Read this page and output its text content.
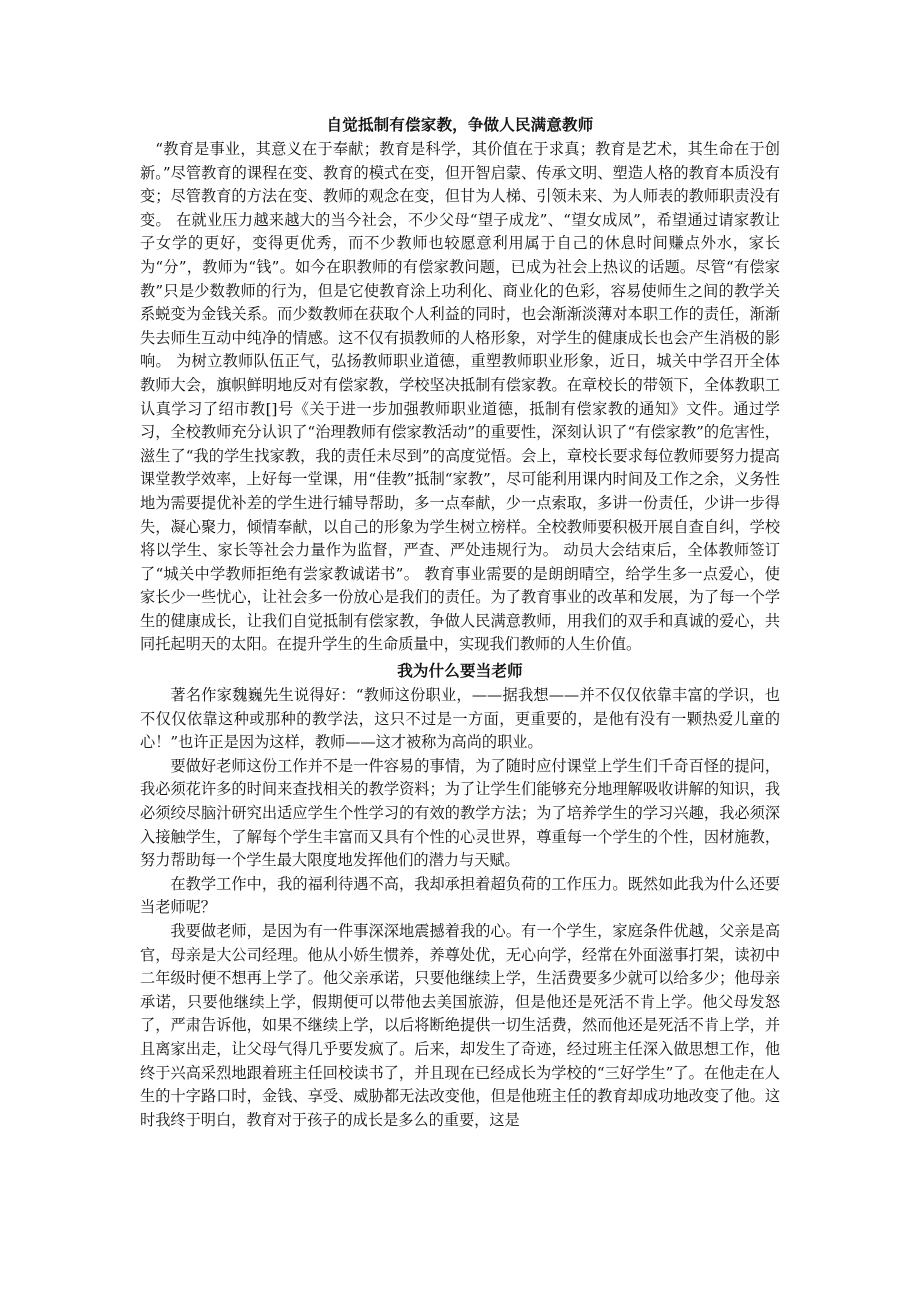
自觉抵制有偿家教，争做人民满意教师

“教育是事业，其意义在于奉献；教育是科学，其价值在于求真；教育是艺术，其生命在于创新。”尽管教育的课程在变、教育的模式在变，但开智启蒙、传承文明、塑造人格的教育本质没有变；尽管教育的方法在变、教师的观念在变，但甘为人梯、引领未来、为人师表的教师职责没有变。 在就业压力越来越大的当今社会，不少父母“望子成龙”、“望女成凤”，希望通过请家教让子女学的更好，变得更优秀，而不少教师也较愿意利用属于自己的休息时间赚点外水，家长为“分”，教师为“钱”。如今在职教师的有偿家教问题，已成为社会上热议的话题。尽管“有偿家教”只是少数教师的行为，但是它使教育涂上功利化、商业化的色彩，容易使师生之间的教学关系蜕变为金钱关系。而少数教师在获取个人利益的同时，也会渐渐淡薄对本职工作的责任，渐渐失去师生互动中纯净的情感。这不仅有损教师的人格形象，对学生的健康成长也会产生消极的影响。 为树立教师队伍正气，弘扬教师职业道德，重塑教师职业形象，近日，城关中学召开全体教师大会，旗帜鲜明地反对有偿家教，学校坚决抵制有偿家教。在章校长的带领下，全体教职工认真学习了绍市教[]号《关于进一步加强教师职业道德，抵制有偿家教的通知》文件。通过学习，全校教师充分认识了“治理教师有偿家教活动”的重要性，深刻认识了“有偿家教”的危害性，滋生了“我的学生找家教，我的责任未尽到”的高度觉悟。会上，章校长要求每位教师要努力提高课堂教学效率，上好每一堂课，用“佳教”抵制“家教”，尽可能利用课内时间及工作之余，义务性地为需要提优补差的学生进行辅导帮助，多一点奉献，少一点索取，多讲一份责任，少讲一步得失，凝心聚力，倾情奉献，以自己的形象为学生树立榜样。全校教师要积极开展自查自纠，学校将以学生、家长等社会力量作为监督，严查、严处违规行为。 动员大会结束后，全体教师签订了“城关中学教师拒绝有尝家教诚诺书”。 教育事业需要的是朗朗晴空，给学生多一点爱心，使家长少一些忧心，让社会多一份放心是我们的责任。为了教育事业的改革和发展，为了每一个学生的健康成长，让我们自觉抵制有偿家教，争做人民满意教师，用我们的双手和真诚的爱心，共同托起明天的太阳。在提升学生的生命质量中，实现我们教师的人生价值。

我为什么要当老师

著名作家魏巍先生说得好：“教师这份职业，——据我想——并不仅仅依靠丰富的学识，也不仅仅依靠这种或那种的教学法，这只不过是一方面，更重要的，是他有没有一颗热爱儿童的心！”也许正是因为这样，教师——这才被称为高尚的职业。

要做好老师这份工作并不是一件容易的事情，为了随时应付课堂上学生们千奇百怪的提问，我必须花许多的时间来查找相关的教学资料；为了让学生们能够充分地理解吸收讲解的知识，我必须绞尽脑汁研究出适应学生个性学习的有效的教学方法；为了培养学生的学习兴趣，我必须深入接触学生，了解每个学生丰富而又具有个性的心灵世界，尊重每一个学生的个性，因材施教，努力帮助每一个学生最大限度地发挥他们的潜力与天赋。

在教学工作中，我的福利待遇不高，我却承担着超负荷的工作压力。既然如此我为什么还要当老师呢？

我要做老师，是因为有一件事深深地震撼着我的心。有一个学生，家庭条件优越，父亲是高官，母亲是大公司经理。他从小娇生惯养，养尊处优，无心向学，经常在外面滋事打架，读初中二年级时便不想再上学了。他父亲承诺，只要他继续上学，生活费要多少就可以给多少；他母亲承诺，只要他继续上学，假期便可以带他去美国旅游，但是他还是死活不肯上学。他父母发怒了，严肃告诉他，如果不继续上学，以后将断绝提供一切生活费，然而他还是死活不肯上学，并且离家出走，让父母气得几乎要发疯了。后来，却发生了奇迹，经过班主任深入做思想工作，他终于兴高采烈地跟着班主任回校读书了，并且现在已经成长为学校的“三好学生”了。在他走在人生的十字路口时，金钱、享受、威胁都无法改变他，但是他班主任的教育却成功地改变了他。这时我终于明白，教育对于孩子的成长是多么的重要，这是
